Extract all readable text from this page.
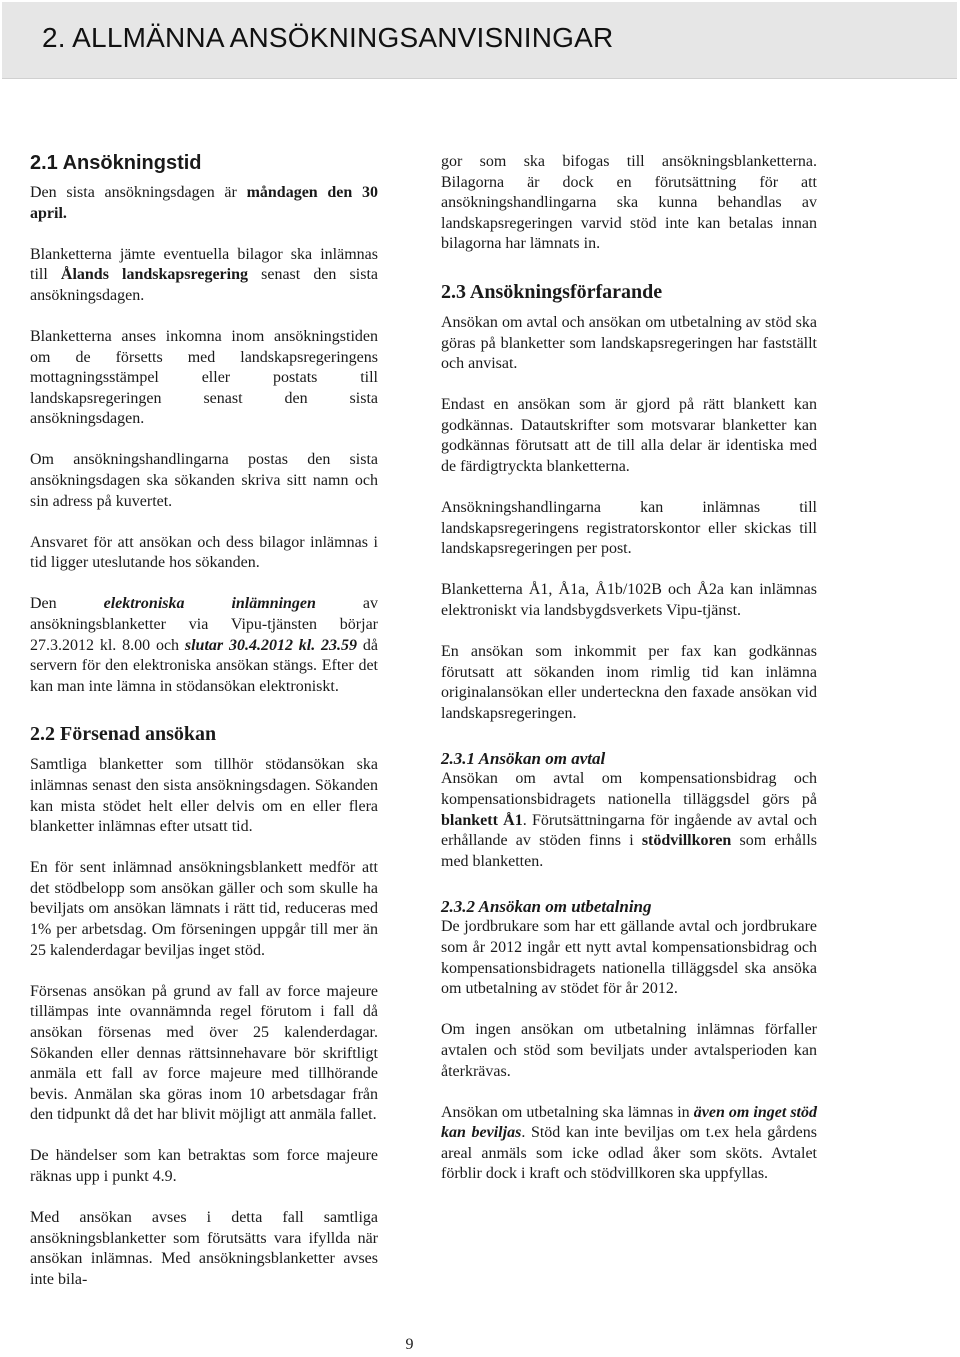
2. ALLMÄNNA ANSÖKNINGSANVISNINGAR
2.1 Ansökningstid

Den sista ansökningsdagen är måndagen den 30 april.

Blanketterna jämte eventuella bilagor ska inlämnas till Ålands landskapsregering senast den sista ansökningsdagen.

Blanketterna anses inkomna inom ansökningstiden om de försetts med landskapsregeringens mottagningsstämpel eller postats till landskapsregeringen senast den sista ansökningsdagen.

Om ansökningshandlingarna postas den sista ansökningsdagen ska sökanden skriva sitt namn och sin adress på kuvertet.

Ansvaret för att ansökan och dess bilagor inlämnas i tid ligger uteslutande hos sökanden.

Den elektroniska inlämningen av ansökningsblanketter via Vipu-tjänsten börjar 27.3.2012 kl. 8.00 och slutar 30.4.2012 kl. 23.59 då servern för den elektroniska ansökan stängs. Efter det kan man inte lämna in stödansökan elektroniskt.

2.2 Försenad ansökan

Samtliga blanketter som tillhör stödansökan ska inlämnas senast den sista ansökningsdagen. Sökanden kan mista stödet helt eller delvis om en eller flera blanketter inlämnas efter utsatt tid.

En för sent inlämnad ansökningsblankett medför att det stödbelopp som ansökan gäller och som skulle ha beviljats om ansökan lämnats i rätt tid, reduceras med 1% per arbetsdag. Om förseningen uppgår till mer än 25 kalenderdagar beviljas inget stöd.

Försenas ansökan på grund av fall av force majeure tillämpas inte ovannämnda regel förutom i fall då ansökan försenas med över 25 kalenderdagar. Sökanden eller dennas rättsinnehavare bör skriftligt anmäla ett fall av force majeure med tillhörande bevis. Anmälan ska göras inom 10 arbetsdagar från den tidpunkt då det har blivit möjligt att anmäla fallet.

De händelser som kan betraktas som force majeure räknas upp i punkt 4.9.

Med ansökan avses i detta fall samtliga ansökningsblanketter som förutsätts vara ifyllda när ansökan inlämnas. Med ansökningsblanketter avses inte bila-

gor som ska bifogas till ansökningsblanketterna. Bilagorna är dock en förutsättning för att ansökningshandlingarna ska kunna behandlas av landskapsregeringen varvid stöd inte kan betalas innan bilagorna har lämnats in.

2.3 Ansökningsförfarande

Ansökan om avtal och ansökan om utbetalning av stöd ska göras på blanketter som landskapsregeringen har fastställt och anvisat.

Endast en ansökan som är gjord på rätt blankett kan godkännas. Datautskrifter som motsvarar blanketter kan godkännas förutsatt att de till alla delar är identiska med de färdigtryckta blanketterna.

Ansökningshandlingarna kan inlämnas till landskapsregeringens registratorskontor eller skickas till landskapsregeringen per post.

Blanketterna Å1, Å1a, Å1b/102B och Å2a kan inlämnas elektroniskt via landsbygdsverkets Vipu-tjänst.

En ansökan som inkommit per fax kan godkännas förutsatt att sökanden inom rimlig tid kan inlämna originalansökan eller underteckna den faxade ansökan vid landskapsregeringen.

2.3.1 Ansökan om avtal

Ansökan om avtal om kompensationsbidrag och kompensationsbidragets nationella tilläggsdel görs på blankett Å1. Förutsättningarna för ingående av avtal och erhållande av stöden finns i stödvillkoren som erhålls med blanketten.

2.3.2 Ansökan om utbetalning

De jordbrukare som har ett gällande avtal och jordbrukare som år 2012 ingår ett nytt avtal kompensationsbidrag och kompensationsbidragets nationella tilläggsdel ska ansöka om utbetalning av stödet för år 2012.

Om ingen ansökan om utbetalning inlämnas förfaller avtalen och stöd som beviljats under avtalsperioden kan återkrävas.

Ansökan om utbetalning ska lämnas in även om inget stöd kan beviljas. Stöd kan inte beviljas om t.ex hela gårdens areal anmäls som icke odlad åker som sköts. Avtalet förblir dock i kraft och stödvillkoren ska uppfyllas.

9
